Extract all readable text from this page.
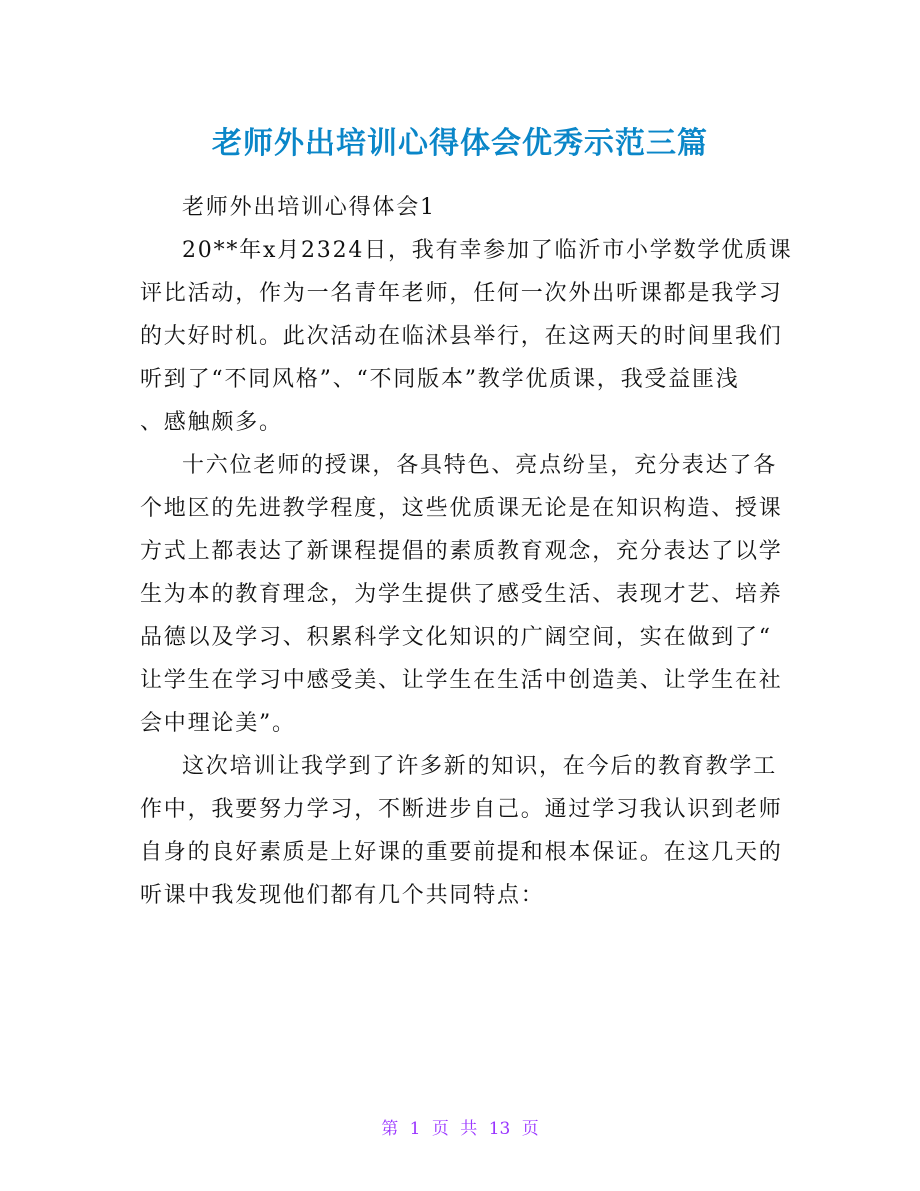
老师外出培训心得体会优秀示范三篇
老师外出培训心得体会1
20**年x月2324日，我有幸参加了临沂市小学数学优质课
评比活动，作为一名青年老师，任何一次外出听课都是我学习
的大好时机。此次活动在临沭县举行，在这两天的时间里我们
听到了“不同风格”、“不同版本”教学优质课，我受益匪浅
、感触颇多。
十六位老师的授课，各具特色、亮点纷呈，充分表达了各
个地区的先进教学程度，这些优质课无论是在知识构造、授课
方式上都表达了新课程提倡的素质教育观念，充分表达了以学
生为本的教育理念，为学生提供了感受生活、表现才艺、培养
品德以及学习、积累科学文化知识的广阔空间，实在做到了“
让学生在学习中感受美、让学生在生活中创造美、让学生在社
会中理论美”。
这次培训让我学到了许多新的知识，在今后的教育教学工
作中，我要努力学习，不断进步自己。通过学习我认识到老师
自身的良好素质是上好课的重要前提和根本保证。在这几天的
听课中我发现他们都有几个共同特点：
第 1 页 共 13 页
